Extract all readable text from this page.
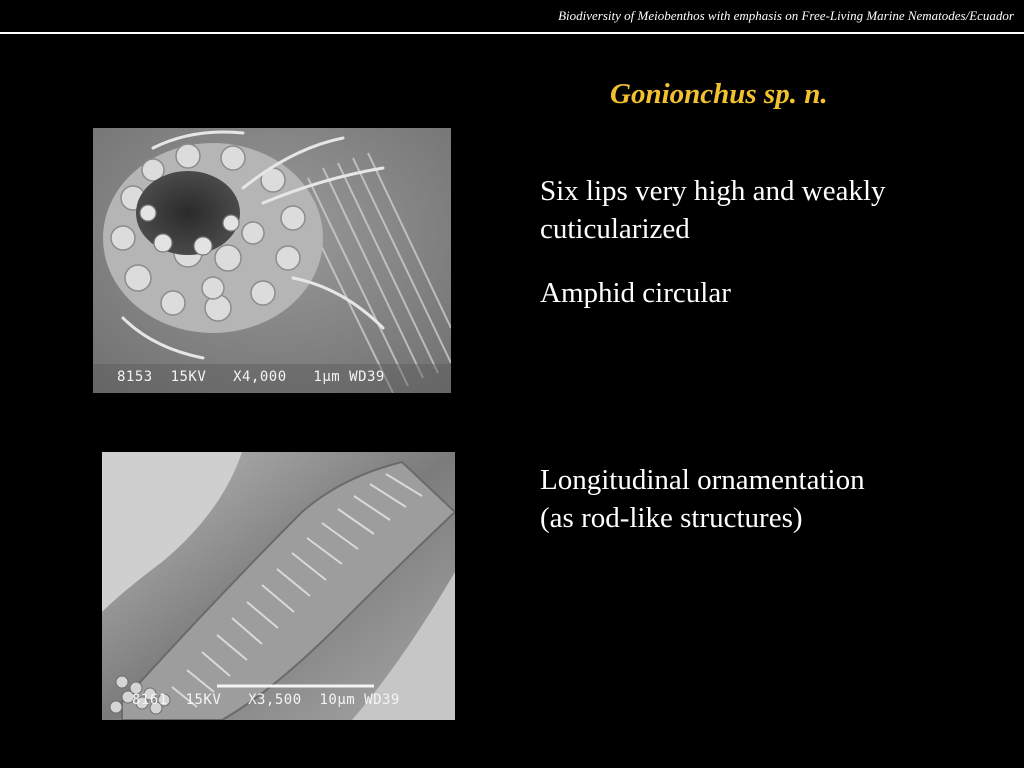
Biodiversity of Meiobenthos with emphasis on Free-Living Marine Nematodes/Ecuador
Gonionchus sp. n.
8153  15KV   X4,000   1μm WD39
8161  15KV   X3,500  10μm WD39
Six lips very high and weakly
cuticularized
Amphid circular
Longitudinal ornamentation
(as rod-like structures)
